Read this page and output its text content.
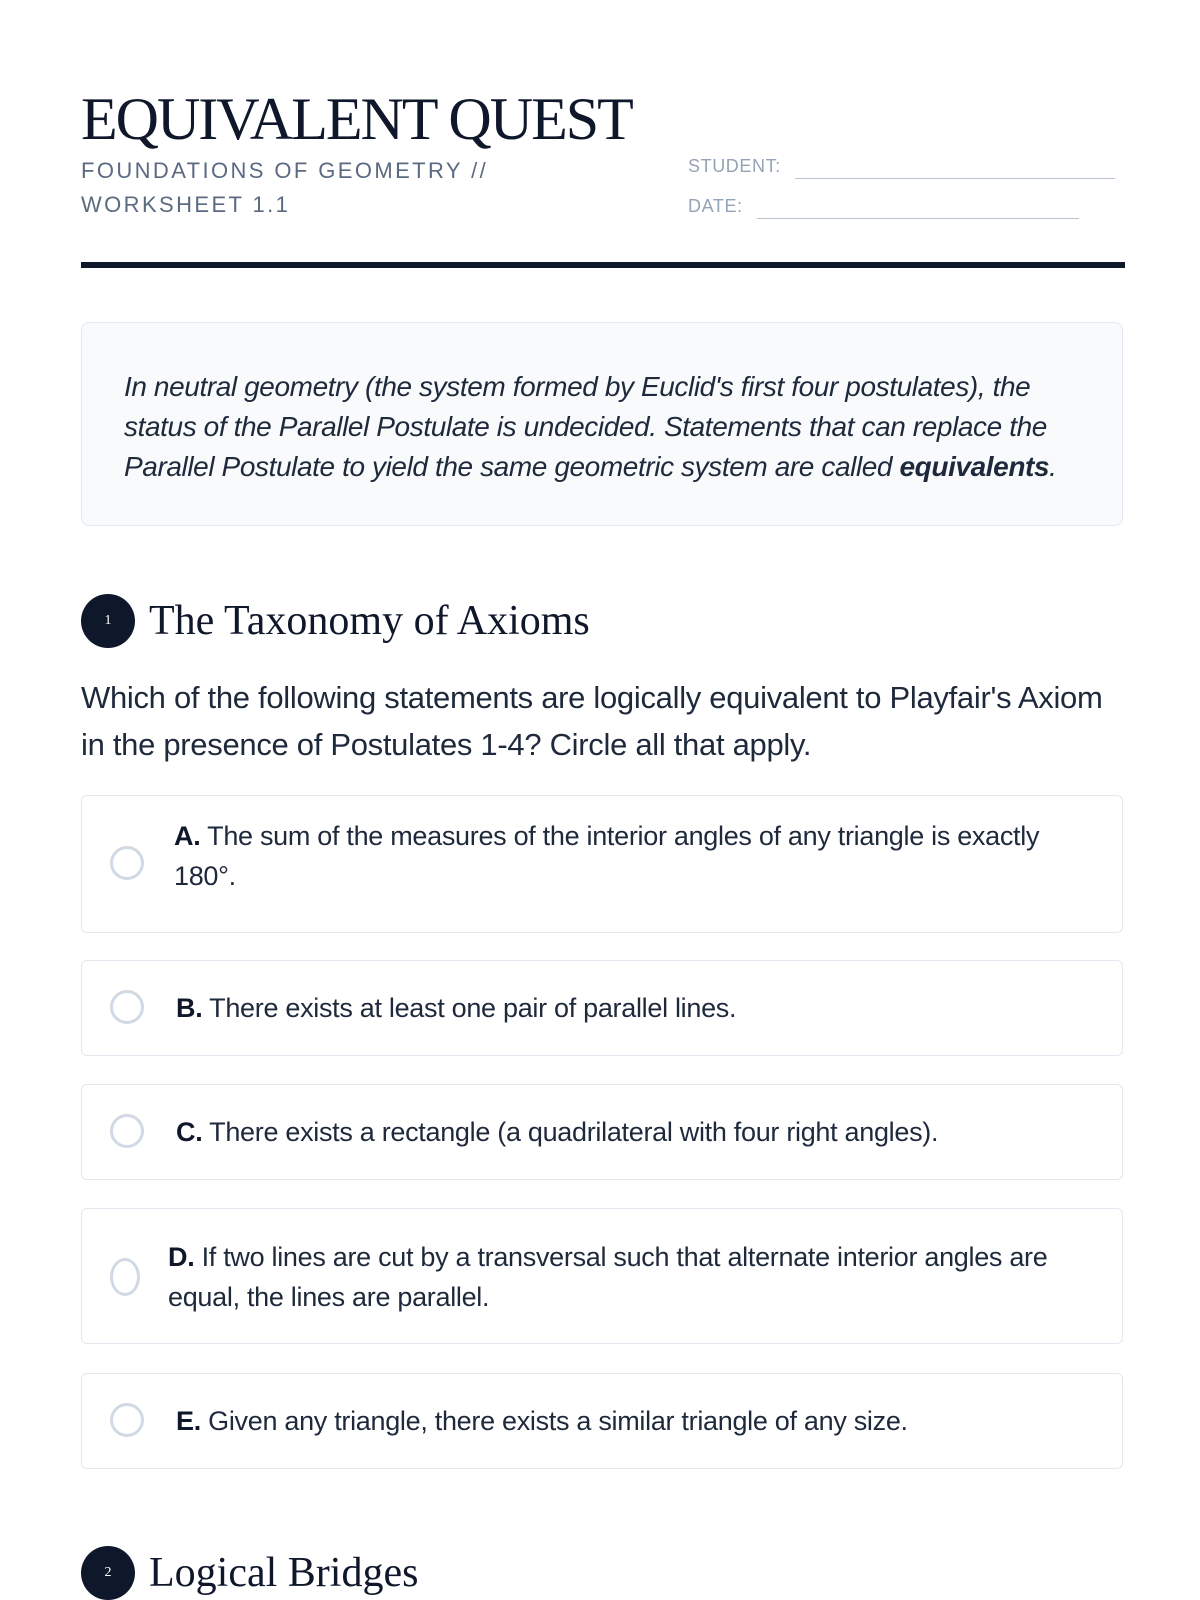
EQUIVALENT QUEST
FOUNDATIONS OF GEOMETRY // WORKSHEET 1.1
STUDENT:
DATE:
In neutral geometry (the system formed by Euclid's first four postulates), the status of the Parallel Postulate is undecided. Statements that can replace the Parallel Postulate to yield the same geometric system are called equivalents.
1 The Taxonomy of Axioms
Which of the following statements are logically equivalent to Playfair's Axiom in the presence of Postulates 1-4? Circle all that apply.
A. The sum of the measures of the interior angles of any triangle is exactly 180°.
B. There exists at least one pair of parallel lines.
C. There exists a rectangle (a quadrilateral with four right angles).
D. If two lines are cut by a transversal such that alternate interior angles are equal, the lines are parallel.
E. Given any triangle, there exists a similar triangle of any size.
2 Logical Bridges
